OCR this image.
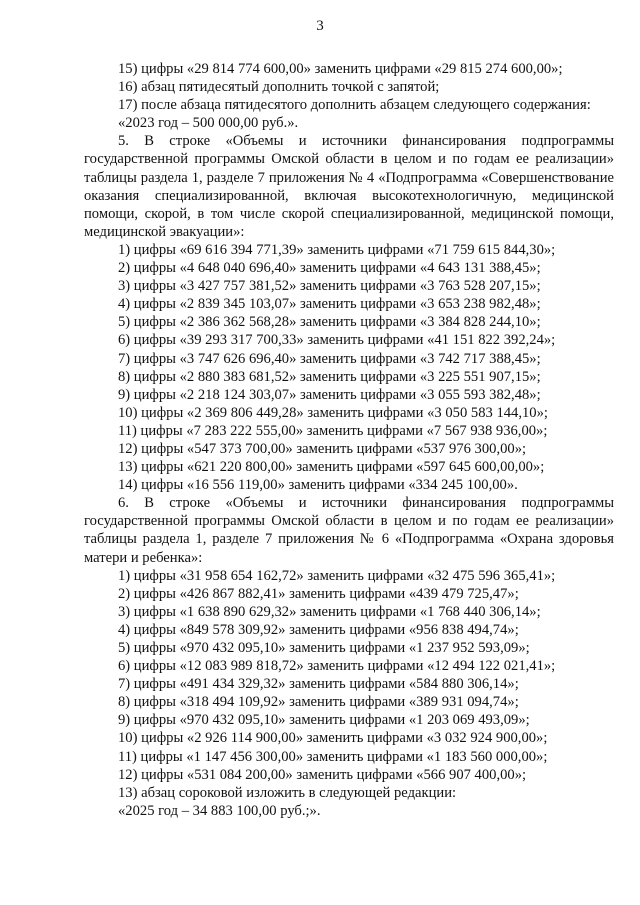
3

15) цифры «29 814 774 600,00» заменить цифрами «29 815 274 600,00»;

16) абзац пятидесятый дополнить точкой с запятой;

17) после абзаца пятидесятого дополнить абзацем следующего содержания:

«2023 год – 500 000,00 руб.».

5. В строке «Объемы и источники финансирования подпрограммы государственной программы Омской области в целом и по годам ее реализации» таблицы раздела 1, разделе 7 приложения № 4 «Подпрограмма «Совершенствование оказания специализированной, включая высокотехнологичную, медицинской помощи, скорой, в том числе скорой специализированной, медицинской помощи, медицинской эвакуации»:

1) цифры «69 616 394 771,39» заменить цифрами «71 759 615 844,30»;

2) цифры «4 648 040 696,40» заменить цифрами «4 643 131 388,45»;

3) цифры «3 427 757 381,52» заменить цифрами «3 763 528 207,15»;

4) цифры «2 839 345 103,07» заменить цифрами «3 653 238 982,48»;

5) цифры «2 386 362 568,28» заменить цифрами «3 384 828 244,10»;

6) цифры «39 293 317 700,33» заменить цифрами «41 151 822 392,24»;

7) цифры «3 747 626 696,40» заменить цифрами «3 742 717 388,45»;

8) цифры «2 880 383 681,52» заменить цифрами «3 225 551 907,15»;

9) цифры «2 218 124 303,07» заменить цифрами «3 055 593 382,48»;

10) цифры «2 369 806 449,28» заменить цифрами «3 050 583 144,10»;

11) цифры «7 283 222 555,00» заменить цифрами «7 567 938 936,00»;

12) цифры «547 373 700,00» заменить цифрами «537 976 300,00»;

13) цифры «621 220 800,00» заменить цифрами «597 645 600,00,00»;

14) цифры «16 556 119,00» заменить цифрами «334 245 100,00».

6. В строке «Объемы и источники финансирования подпрограммы государственной программы Омской области в целом и по годам ее реализации» таблицы раздела 1, разделе 7 приложения № 6 «Подпрограмма «Охрана здоровья матери и ребенка»:

1) цифры «31 958 654 162,72» заменить цифрами «32 475 596 365,41»;

2) цифры «426 867 882,41» заменить цифрами «439 479 725,47»;

3) цифры «1 638 890 629,32» заменить цифрами «1 768 440 306,14»;

4) цифры «849 578 309,92» заменить цифрами «956 838 494,74»;

5) цифры «970 432 095,10» заменить цифрами «1 237 952 593,09»;

6) цифры «12 083 989 818,72» заменить цифрами «12 494 122 021,41»;

7) цифры «491 434 329,32» заменить цифрами «584 880 306,14»;

8) цифры «318 494 109,92» заменить цифрами «389 931 094,74»;

9) цифры «970 432 095,10» заменить цифрами «1 203 069 493,09»;

10) цифры «2 926 114 900,00» заменить цифрами «3 032 924 900,00»;

11) цифры «1 147 456 300,00» заменить цифрами «1 183 560 000,00»;

12) цифры «531 084 200,00» заменить цифрами «566 907 400,00»;

13) абзац сороковой изложить в следующей редакции:

«2025 год – 34 883 100,00 руб.;».
